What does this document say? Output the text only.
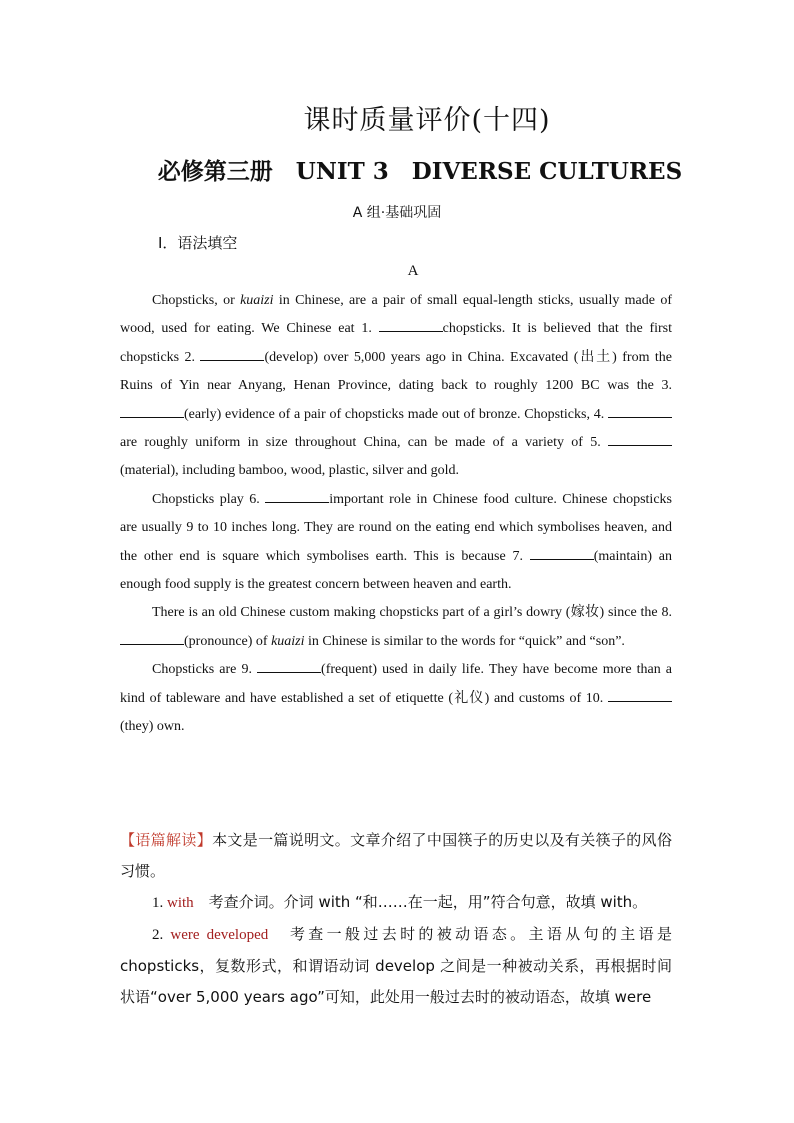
课时质量评价(十四)
必修第三册　UNIT 3　DIVERSE CULTURES
A 组·基础巩固
Ⅰ．语法填空
A

Chopsticks, or kuaizi in Chinese, are a pair of small equal-length sticks, usually made of wood, used for eating. We Chinese eat 1.	chopsticks. It is believed that the first chopsticks 2.	(develop) over 5,000 years ago in China. Excavated (出土) from the Ruins of Yin near Anyang, Henan Province, dating back to roughly 1200 BC was the 3. (early) evidence of a pair of chopsticks made out of bronze. Chopsticks, 4. are roughly uniform in size throughout China, can be made of a variety of 5. (material), including bamboo, wood, plastic, silver and gold.

Chopsticks play 6.	important role in Chinese food culture. Chinese chopsticks are usually 9 to 10 inches long. They are round on the eating end which symbolises heaven, and the other end is square which symbolises earth. This is because 7.	(maintain) an enough food supply is the greatest concern between heaven and earth.

There is an old Chinese custom making chopsticks part of a girl’s dowry (嫁妆) since the 8. (pronounce) of kuaizi in Chinese is similar to the words for “quick” and “son”.

Chopsticks are 9.	(frequent) used in daily life. They have become more than a kind of tableware and have established a set of etiquette (礼仪) and customs of 10. (they) own.

【语篇解读】本文是一篇说明文。文章介绍了中国筷子的历史以及有关筷子的风俗习惯。

1. with　考查介词。介词 with “和……在一起，用”符合句意，故填 with。

2. were developed　考查一般过去时的被动语态。主语从句的主语是 chopsticks，复数形式，和谓语动词 develop 之间是一种被动关系，再根据时间状语“over 5,000 years ago”可知，此处用一般过去时的被动语态，故填 were
